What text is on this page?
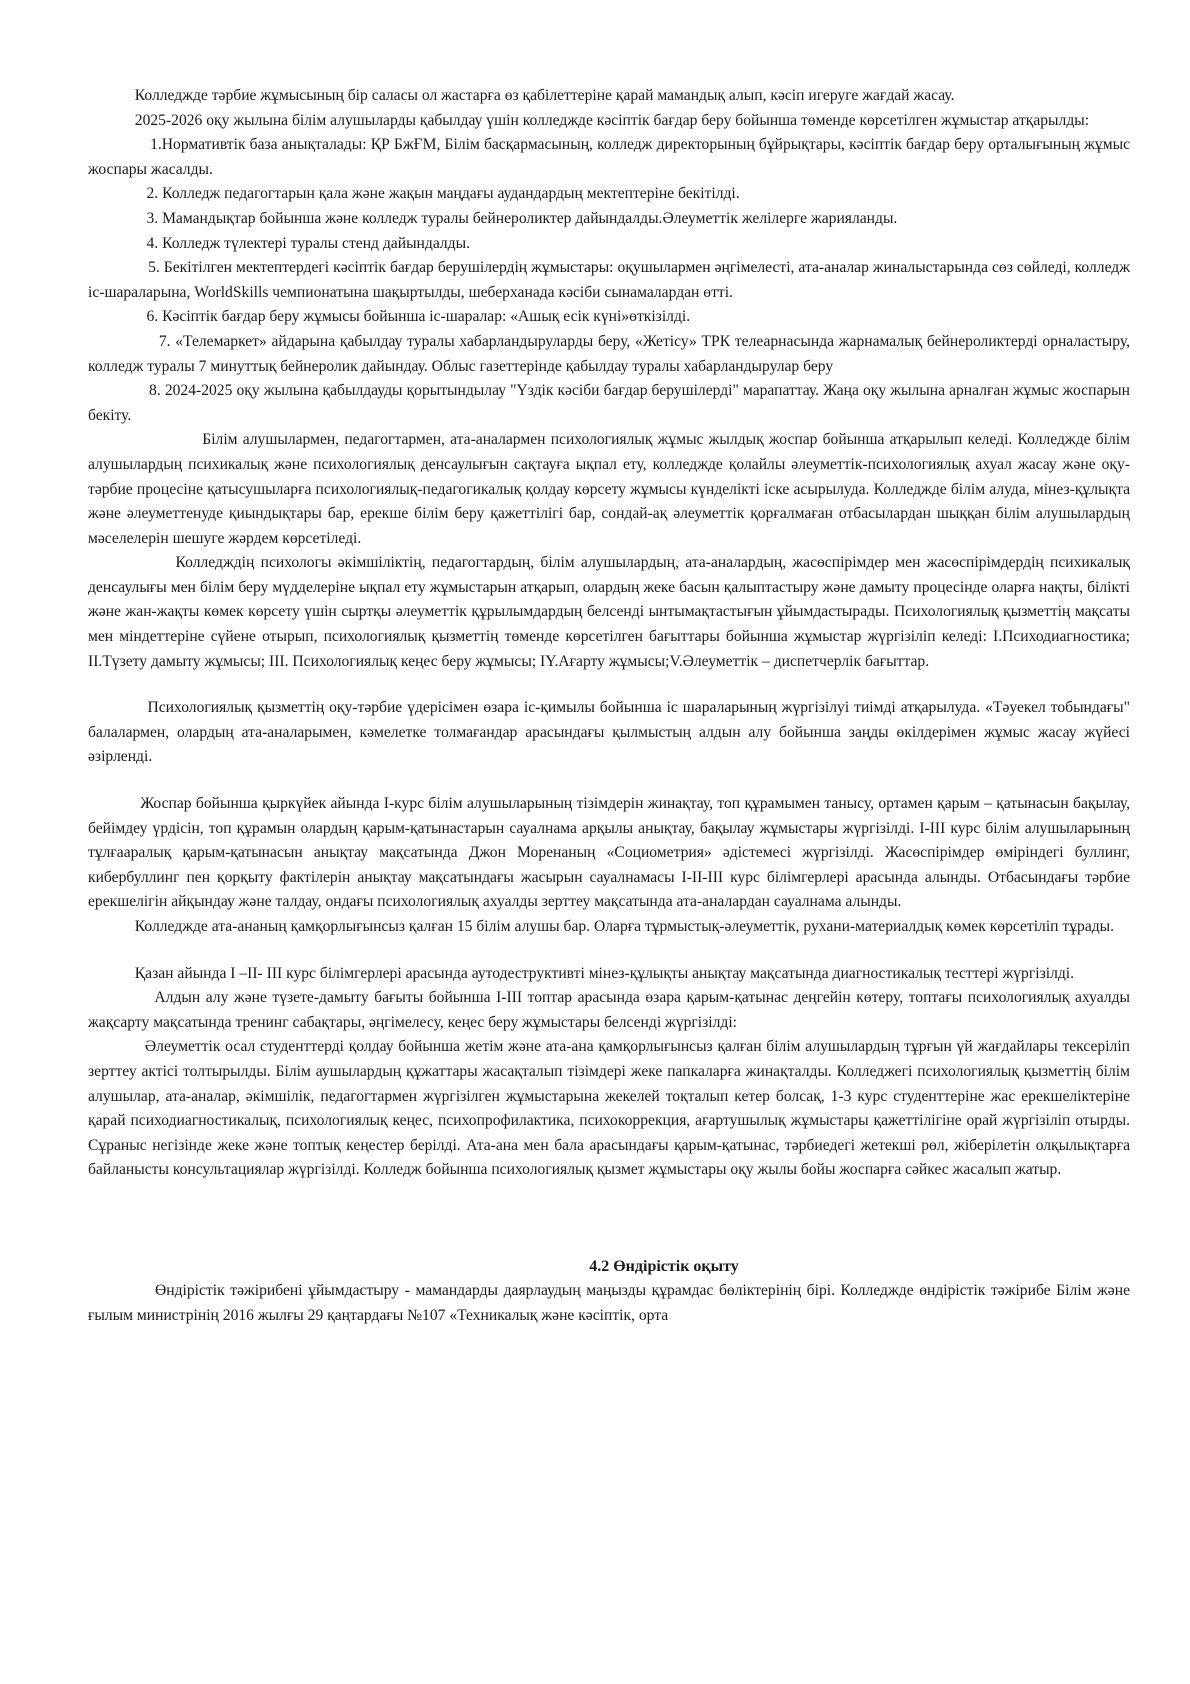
Колледжде тәрбие жұмысының бір саласы ол жастарға өз қабілеттеріне қарай мамандық алып, кәсіп игеруге жағдай жасау.

2025-2026 оқу жылына білім алушыларды қабылдау үшін колледжде кәсіптік бағдар беру бойынша төменде көрсетілген жұмыстар атқарылды:

1.Нормативтік база анықталады: ҚР БжҒМ, Білім басқармасының, колледж директорының бұйрықтары, кәсіптік бағдар беру орталығының жұмыс жоспары жасалды.

2. Колледж педагогтарын қала және жақын маңдағы аудандардың мектептеріне бекітілді.

3. Мамандықтар бойынша және колледж туралы бейнероликтер дайындалды.Әлеуметтік желілерге жарияланды.

4. Колледж түлектері туралы стенд дайындалды.

5. Бекітілген мектептердегі кәсіптік бағдар берушілердің жұмыстары: оқушылармен әңгімелесті, ата-аналар жиналыстарында сөз сөйледі, колледж іс-шараларына, WorldSkills чемпионатына шақыртылды, шеберханада кәсіби сынамалардан өтті.

6. Кәсіптік бағдар беру жұмысы бойынша іс-шаралар: «Ашық есік күні»өткізілді.

7. «Телемаркет» айдарына қабылдау туралы хабарландыруларды беру, «Жетісу» ТРК телеарнасында жарнамалық бейнероликтерді орналастыру, колледж туралы 7 минуттық бейнеролик дайындау. Облыс газеттерінде қабылдау туралы хабарландырулар беру

8. 2024-2025 оқу жылына қабылдауды қорытындылау "Үздік кәсіби бағдар берушілерді" марапаттау. Жаңа оқу жылына арналған жұмыс жоспарын бекіту.

Білім алушылармен, педагогтармен, ата-аналармен психологиялық жұмыс жылдық жоспар бойынша атқарылып келеді. Колледжде білім алушылардың психикалық және психологиялық денсаулығын сақтауға ықпал ету, колледжде қолайлы әлеуметтік-психологиялық ахуал жасау және оқу-тәрбие процесіне қатысушыларға психологиялық-педагогикалық қолдау көрсету жұмысы күнделікті іске асырылуда. Колледжде білім алуда, мінез-құлықта және әлеуметтенуде қиындықтары бар, ерекше білім беру қажеттілігі бар, сондай-ақ әлеуметтік қорғалмаған отбасылардан шыққан білім алушылардың мәселелерін шешуге жәрдем көрсетіледі.

Колледждің психологы әкімшіліктің, педагогтардың, білім алушылардың, ата-аналардың, жасөспірімдер мен жасөспірімдердің психикалық денсаулығы мен білім беру мүдделеріне ықпал ету жұмыстарын атқарып, олардың жеке басын қалыптастыру және дамыту процесінде оларға нақты, білікті және жан-жақты көмек көрсету үшін сыртқы әлеуметтік құрылымдардың белсенді ынтымақтастығын ұйымдастырады. Психологиялық қызметтің мақсаты мен міндеттеріне сүйене отырып, психологиялық қызметтің төменде көрсетілген бағыттары бойынша жұмыстар жүргізіліп келеді: I.Психодиагностика; II.Түзету дамыту жұмысы; III. Психологиялық кеңес беру жұмысы; IY.Ағарту жұмысы;V.Әлеуметтік – диспетчерлік бағыттар.

Психологиялық қызметтің оқу-тәрбие үдерісімен өзара іс-қимылы бойынша іс шараларының жүргізілуі тиімді атқарылуда. «Тәуекел тобындағы" балалармен, олардың ата-аналарымен, кәмелетке толмағандар арасындағы қылмыстың алдын алу бойынша заңды өкілдерімен жұмыс жасау жүйесі әзірленді.

Жоспар бойынша қыркүйек айында I-курс білім алушыларының тізімдерін жинақтау, топ құрамымен танысу, ортамен қарым – қатынасын бақылау, бейімдеу үрдісін, топ құрамын олардың қарым-қатынастарын сауалнама арқылы анықтау, бақылау жұмыстары жүргізілді. I-III курс білім алушыларының тұлғааралық қарым-қатынасын анықтау мақсатында Джон Моренаның «Социометрия» әдістемесі жүргізілді. Жасөспірімдер өміріндегі буллинг, кибербуллинг пен қорқыту фактілерін анықтау мақсатындағы жасырын сауалнамасы I-II-III курс білімгерлері арасында алынды. Отбасындағы тәрбие ерекшелігін айқындау және талдау, ондағы психологиялық ахуалды зерттеу мақсатында ата-аналардан сауалнама алынды.

Колледжде ата-ананың қамқорлығынсыз қалған 15 білім алушы бар. Оларға тұрмыстық-әлеуметтік, рухани-материалдық көмек көрсетіліп тұрады.

Қазан айында I –II- III курс білімгерлері арасында аутодеструктивті мінез-құлықты анықтау мақсатында диагностикалық тесттері жүргізілді.

Алдын алу және түзете-дамыту бағыты бойынша I-III топтар арасында өзара қарым-қатынас деңгейін көтеру, топтағы психологиялық ахуалды жақсарту мақсатында тренинг сабақтары, әңгімелесу, кеңес беру жұмыстары белсенді жүргізілді:

Әлеуметтік осал студенттерді қолдау бойынша жетім және ата-ана қамқорлығынсыз қалған білім алушылардың тұрғын үй жағдайлары тексеріліп зерттеу актісі толтырылды. Білім аушылардың құжаттары жасақталып тізімдері жеке папкаларға жинақталды. Колледжегі психологиялық қызметтің білім алушылар, ата-аналар, әкімшілік, педагогтармен жүргізілген жұмыстарына жекелей тоқталып кетер болсақ, 1-3 курс студенттеріне жас ерекшеліктеріне қарай психодиагностикалық, психологиялық кеңес, психопрофилактика, психокоррекция, ағартушылық жұмыстары қажеттілігіне орай жүргізіліп отырды. Сұраныс негізінде жеке және топтық кеңестер берілді. Ата-ана мен бала арасындағы қарым-қатынас, тәрбиедегі жетекші рөл, жіберілетін олқылықтарға байланысты консультациялар жүргізілді. Колледж бойынша психологиялық қызмет жұмыстары оқу жылы бойы жоспарға сәйкес жасалып жатыр.

4.2 Өндірістік оқыту

Өндірістік тәжірибені ұйымдастыру - мамандарды даярлаудың маңызды құрамдас бөліктерінің бірі. Колледжде өндірістік тәжірибе Білім және ғылым министрінің 2016 жылғы 29 қаңтардағы №107 «Техникалық және кәсіптік, орта
